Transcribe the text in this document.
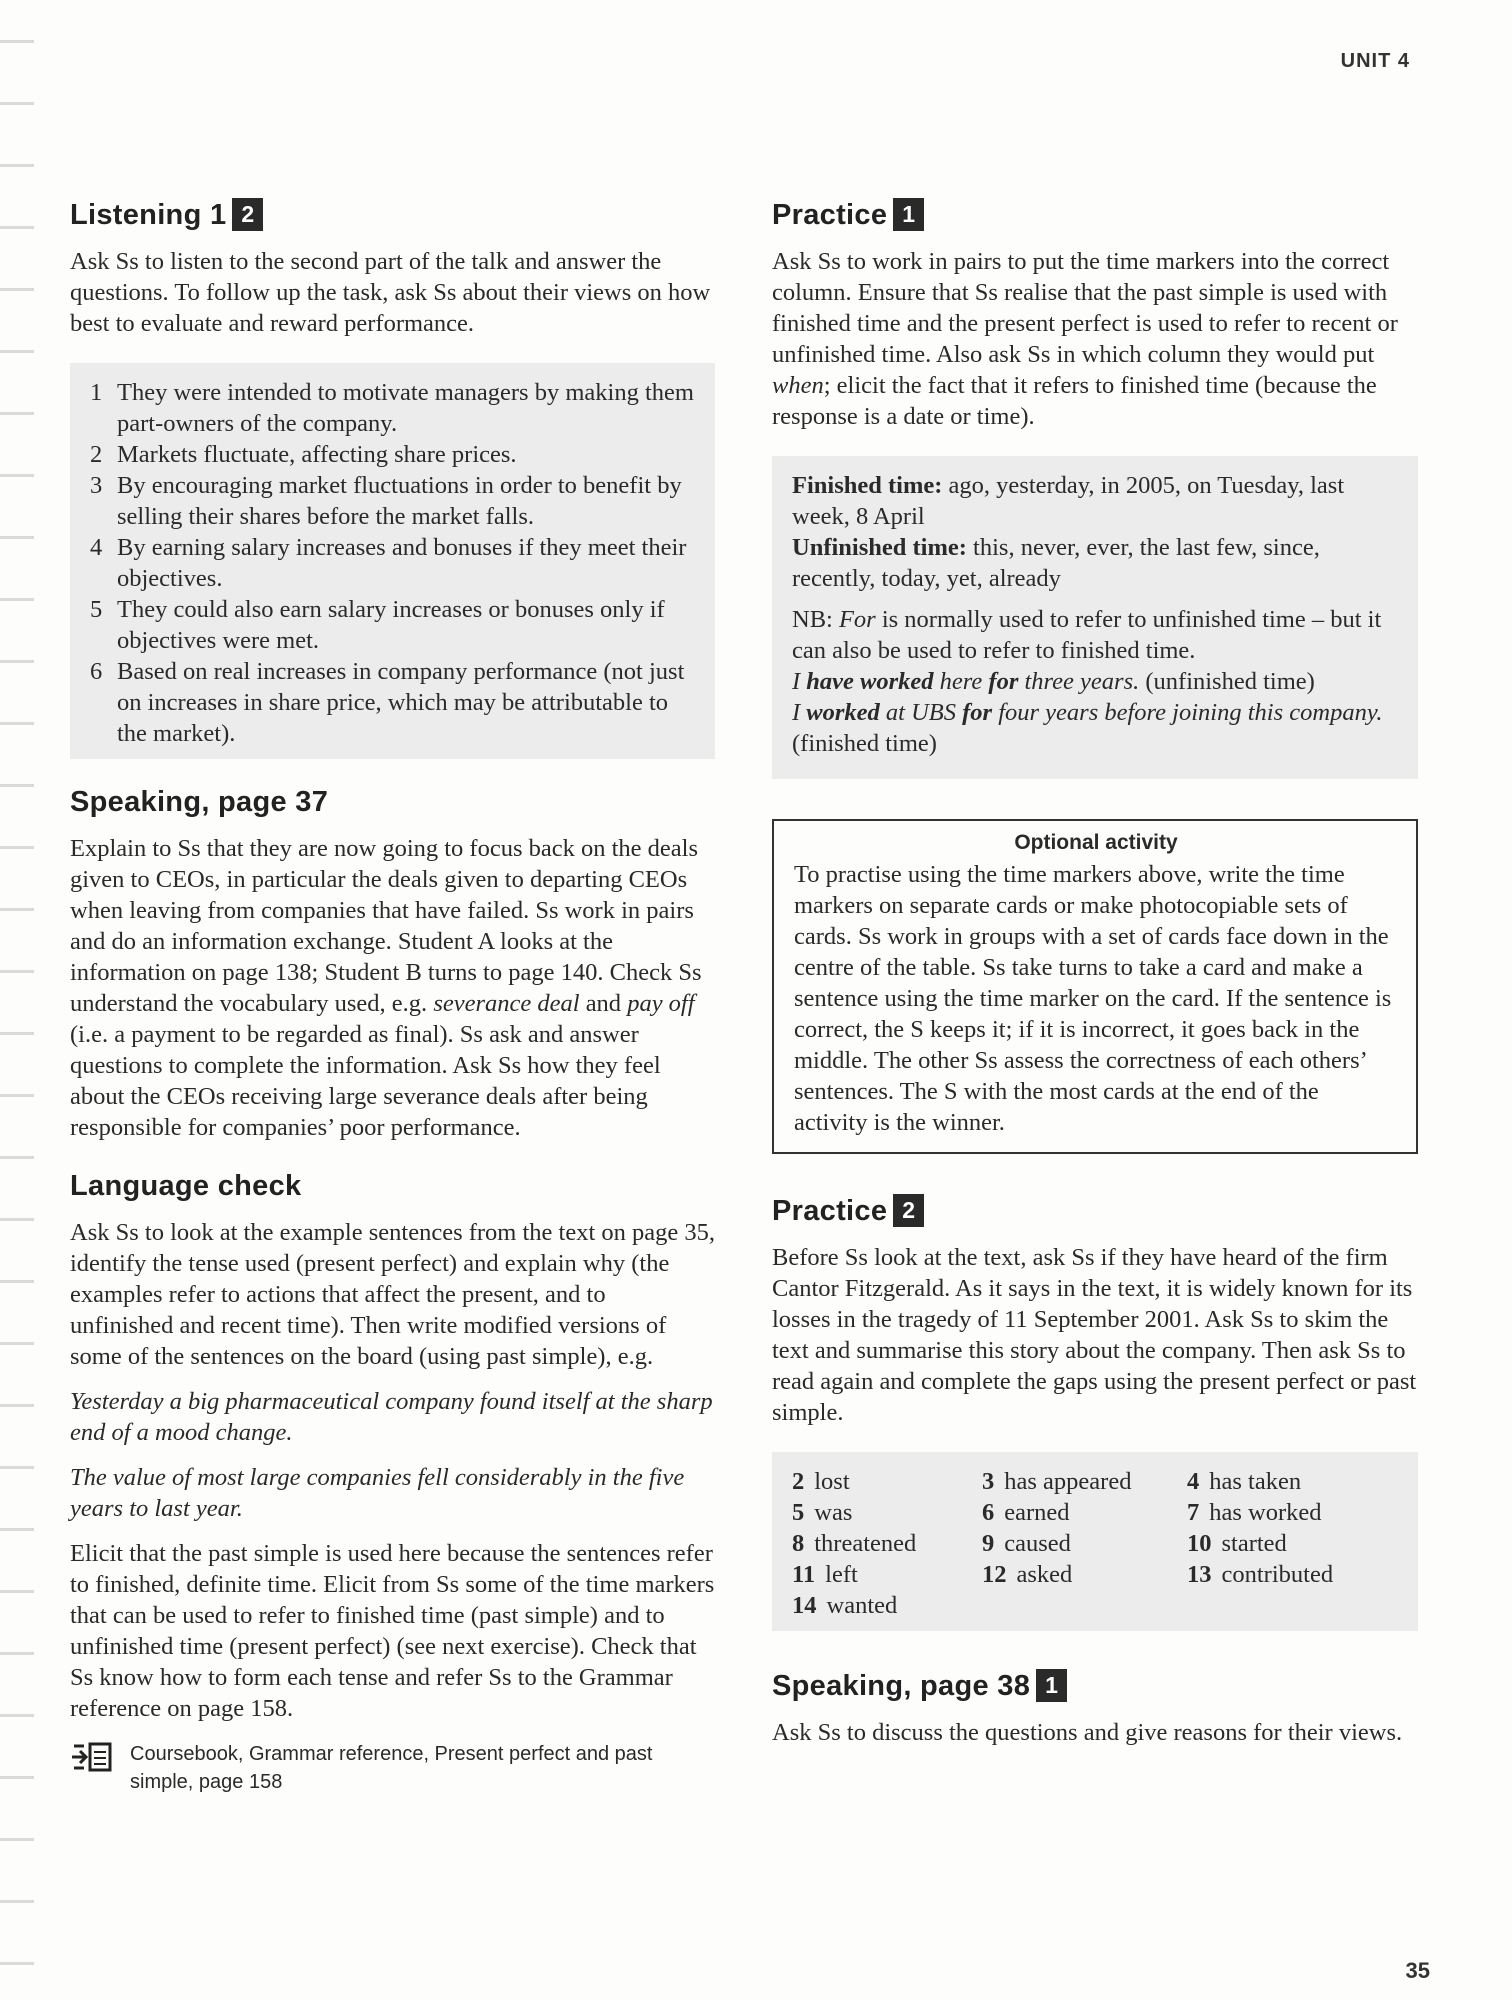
UNIT 4
Listening 1 2

Ask Ss to listen to the second part of the talk and answer the questions. To follow up the task, ask Ss about their views on how best to evaluate and reward performance.

1 They were intended to motivate managers by making them part-owners of the company.
2 Markets fluctuate, affecting share prices.
3 By encouraging market fluctuations in order to benefit by selling their shares before the market falls.
4 By earning salary increases and bonuses if they meet their objectives.
5 They could also earn salary increases or bonuses only if objectives were met.
6 Based on real increases in company performance (not just on increases in share price, which may be attributable to the market).
Speaking, page 37

Explain to Ss that they are now going to focus back on the deals given to CEOs, in particular the deals given to departing CEOs when leaving from companies that have failed. Ss work in pairs and do an information exchange. Student A looks at the information on page 138; Student B turns to page 140. Check Ss understand the vocabulary used, e.g. severance deal and pay off (i.e. a payment to be regarded as final). Ss ask and answer questions to complete the information. Ask Ss how they feel about the CEOs receiving large severance deals after being responsible for companies’ poor performance.

Language check

Ask Ss to look at the example sentences from the text on page 35, identify the tense used (present perfect) and explain why (the examples refer to actions that affect the present, and to unfinished and recent time). Then write modified versions of some of the sentences on the board (using past simple), e.g.

Yesterday a big pharmaceutical company found itself at the sharp end of a mood change.

The value of most large companies fell considerably in the five years to last year.

Elicit that the past simple is used here because the sentences refer to finished, definite time. Elicit from Ss some of the time markers that can be used to refer to finished time (past simple) and to unfinished time (present perfect) (see next exercise). Check that Ss know how to form each tense and refer Ss to the Grammar reference on page 158.

Coursebook, Grammar reference, Present perfect and past simple, page 158
Practice 1

Ask Ss to work in pairs to put the time markers into the correct column. Ensure that Ss realise that the past simple is used with finished time and the present perfect is used to refer to recent or unfinished time. Also ask Ss in which column they would put when; elicit the fact that it refers to finished time (because the response is a date or time).

Finished time: ago, yesterday, in 2005, on Tuesday, last week, 8 April

Unfinished time: this, never, ever, the last few, since, recently, today, yet, already

NB: For is normally used to refer to unfinished time – but it can also be used to refer to finished time.

I have worked here for three years. (unfinished time)

I worked at UBS for four years before joining this company. (finished time)

Optional activity

To practise using the time markers above, write the time markers on separate cards or make photocopiable sets of cards. Ss work in groups with a set of cards face down in the centre of the table. Ss take turns to take a card and make a sentence using the time marker on the card. If the sentence is correct, the S keeps it; if it is incorrect, it goes back in the middle. The other Ss assess the correctness of each others’ sentences. The S with the most cards at the end of the activity is the winner.

Practice 2

Before Ss look at the text, ask Ss if they have heard of the firm Cantor Fitzgerald. As it says in the text, it is widely known for its losses in the tragedy of 11 September 2001. Ask Ss to skim the text and summarise this story about the company. Then ask Ss to read again and complete the gaps using the present perfect or past simple.

2 lost	3 has appeared	4 has taken
5 was	6 earned	7 has worked
8 threatened	9 caused	10 started
11 left	12 asked	13 contributed
14 wanted
Speaking, page 38 1

Ask Ss to discuss the questions and give reasons for their views.

35
